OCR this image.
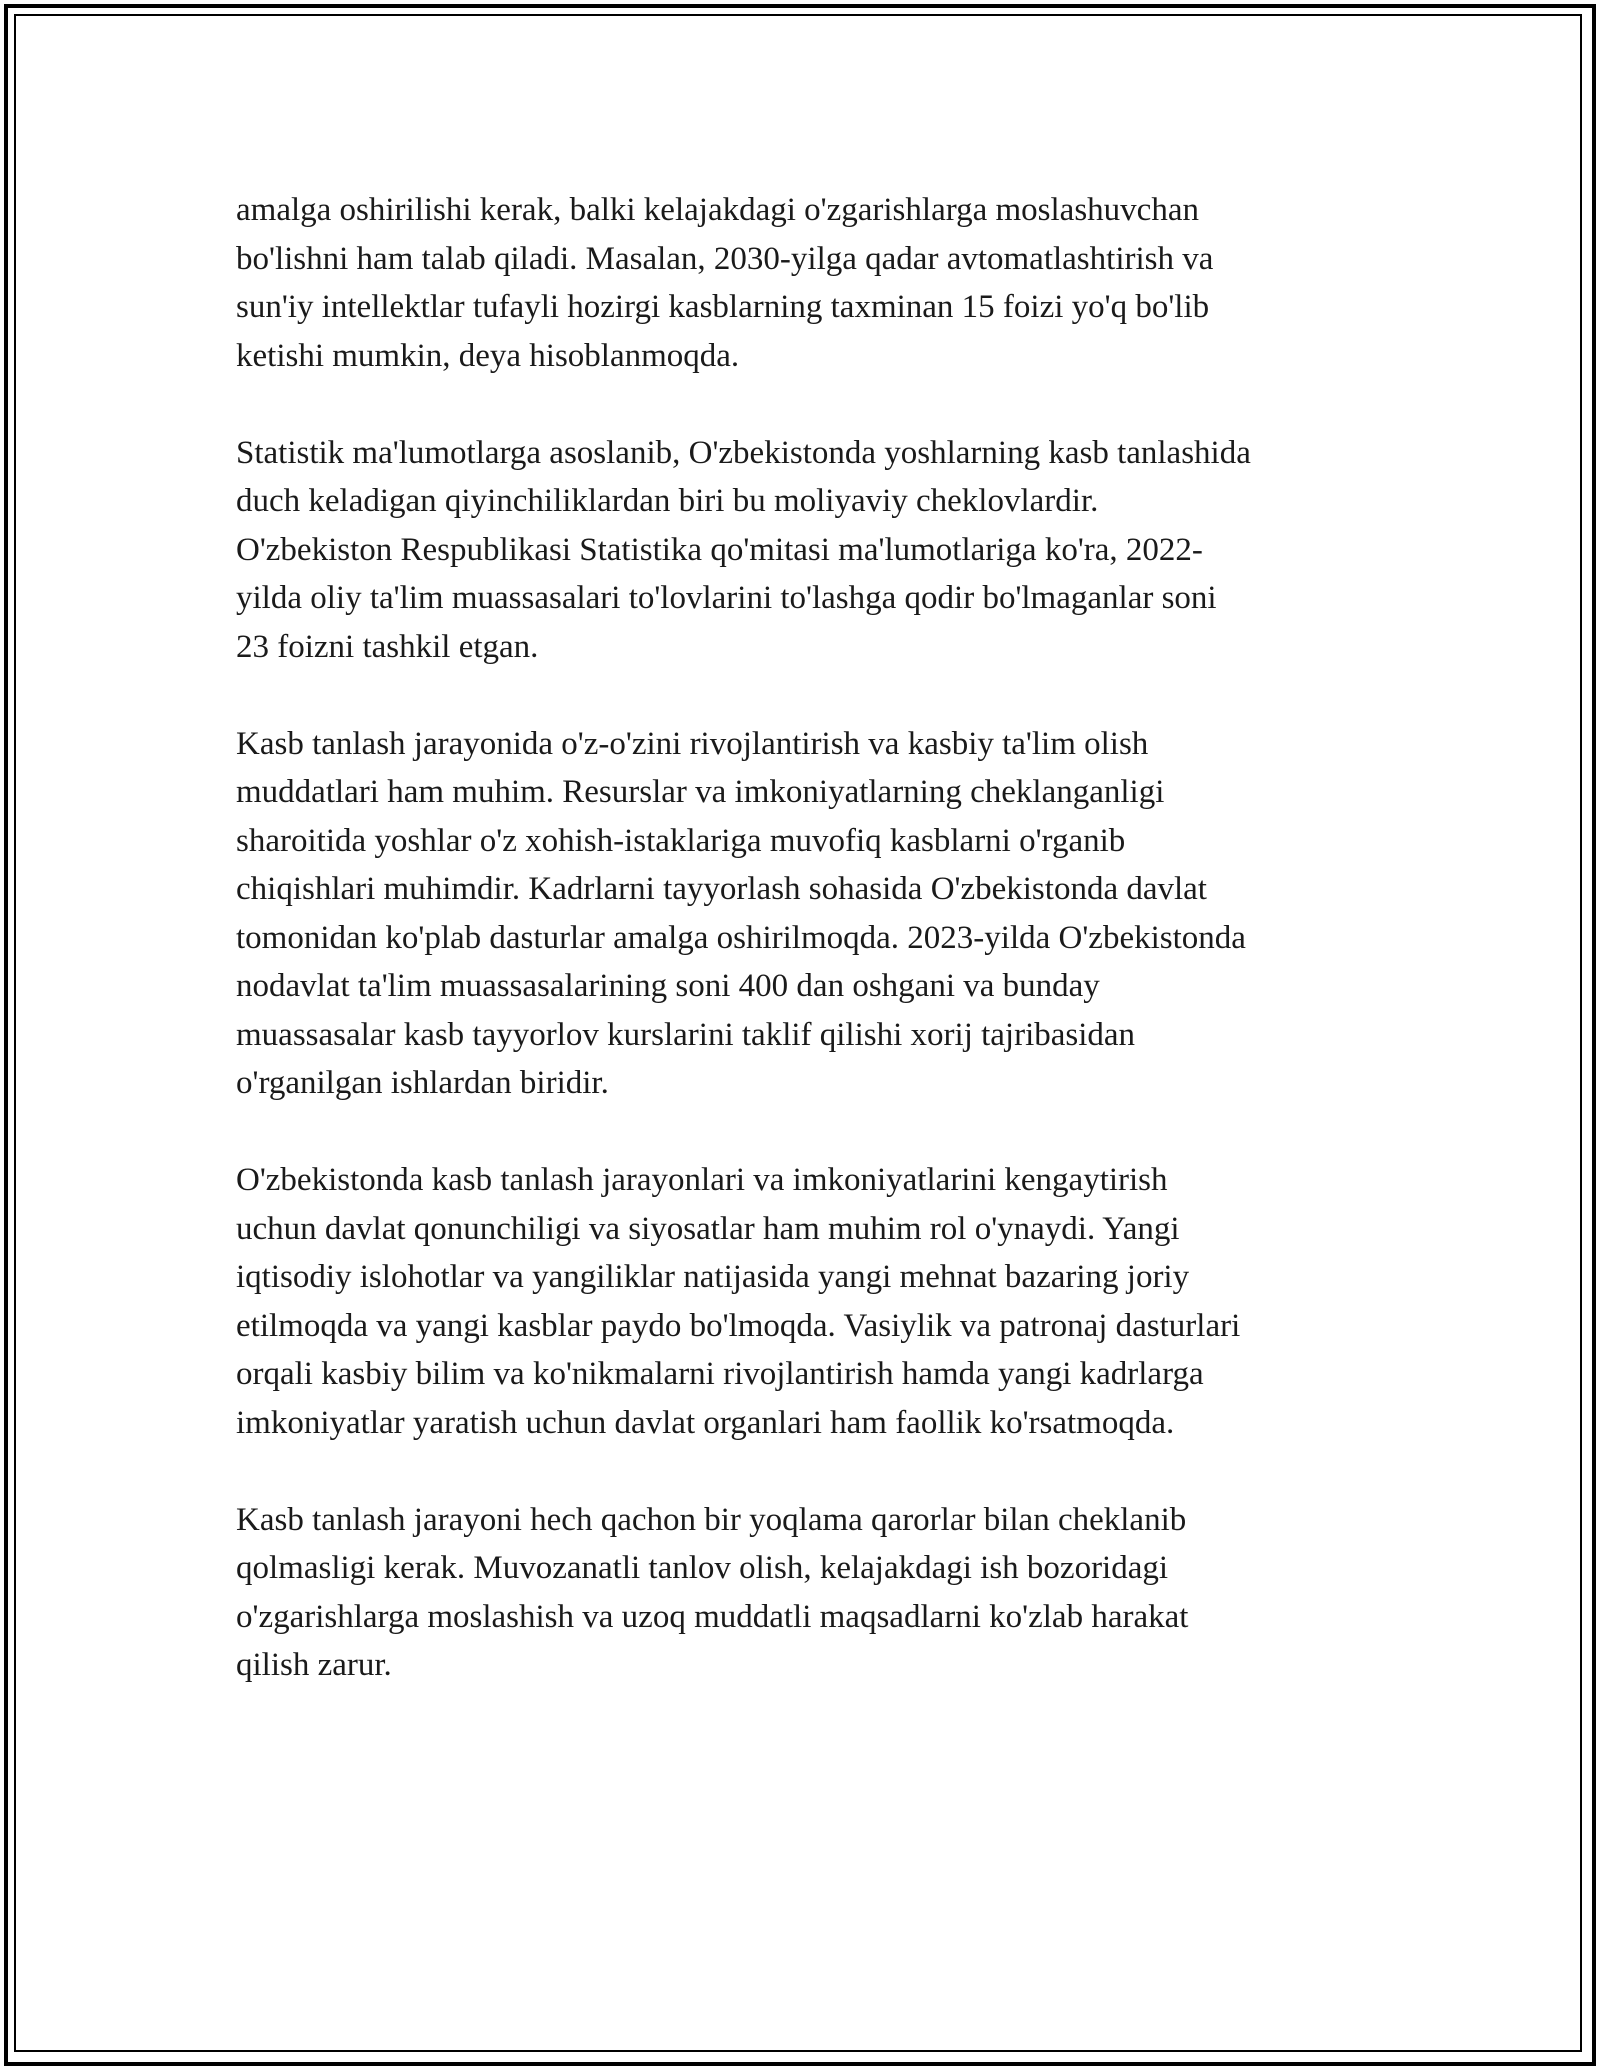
amalga oshirilishi kerak, balki kelajakdagi o'zgarishlarga moslashuvchan
bo'lishni ham talab qiladi. Masalan, 2030-yilga qadar avtomatlashtirish va
sun'iy intellektlar tufayli hozirgi kasblarning taxminan 15 foizi yo'q bo'lib
ketishi mumkin, deya hisoblanmoqda.

Statistik ma'lumotlarga asoslanib, O'zbekistonda yoshlarning kasb tanlashida
duch keladigan qiyinchiliklardan biri bu moliyaviy cheklovlardir.
O'zbekiston Respublikasi Statistika qo'mitasi ma'lumotlariga ko'ra, 2022-
yilda oliy ta'lim muassasalari to'lovlarini to'lashga qodir bo'lmaganlar soni
23 foizni tashkil etgan.

Kasb tanlash jarayonida o'z-o'zini rivojlantirish va kasbiy ta'lim olish
muddatlari ham muhim. Resurslar va imkoniyatlarning cheklanganligi
sharoitida yoshlar o'z xohish-istaklariga muvofiq kasblarni o'rganib
chiqishlari muhimdir. Kadrlarni tayyorlash sohasida O'zbekistonda davlat
tomonidan ko'plab dasturlar amalga oshirilmoqda. 2023-yilda O'zbekistonda
nodavlat ta'lim muassasalarining soni 400 dan oshgani va bunday
muassasalar kasb tayyorlov kurslarini taklif qilishi xorij tajribasidan
o'rganilgan ishlardan biridir.

O'zbekistonda kasb tanlash jarayonlari va imkoniyatlarini kengaytirish
uchun davlat qonunchiligi va siyosatlar ham muhim rol o'ynaydi. Yangi
iqtisodiy islohotlar va yangiliklar natijasida yangi mehnat bazaring joriy
etilmoqda va yangi kasblar paydo bo'lmoqda. Vasiylik va patronaj dasturlari
orqali kasbiy bilim va ko'nikmalarni rivojlantirish hamda yangi kadrlarga
imkoniyatlar yaratish uchun davlat organlari ham faollik ko'rsatmoqda.

Kasb tanlash jarayoni hech qachon bir yoqlama qarorlar bilan cheklanib
qolmasligi kerak. Muvozanatli tanlov olish, kelajakdagi ish bozoridagi
o'zgarishlarga moslashish va uzoq muddatli maqsadlarni ko'zlab harakat
qilish zarur.
